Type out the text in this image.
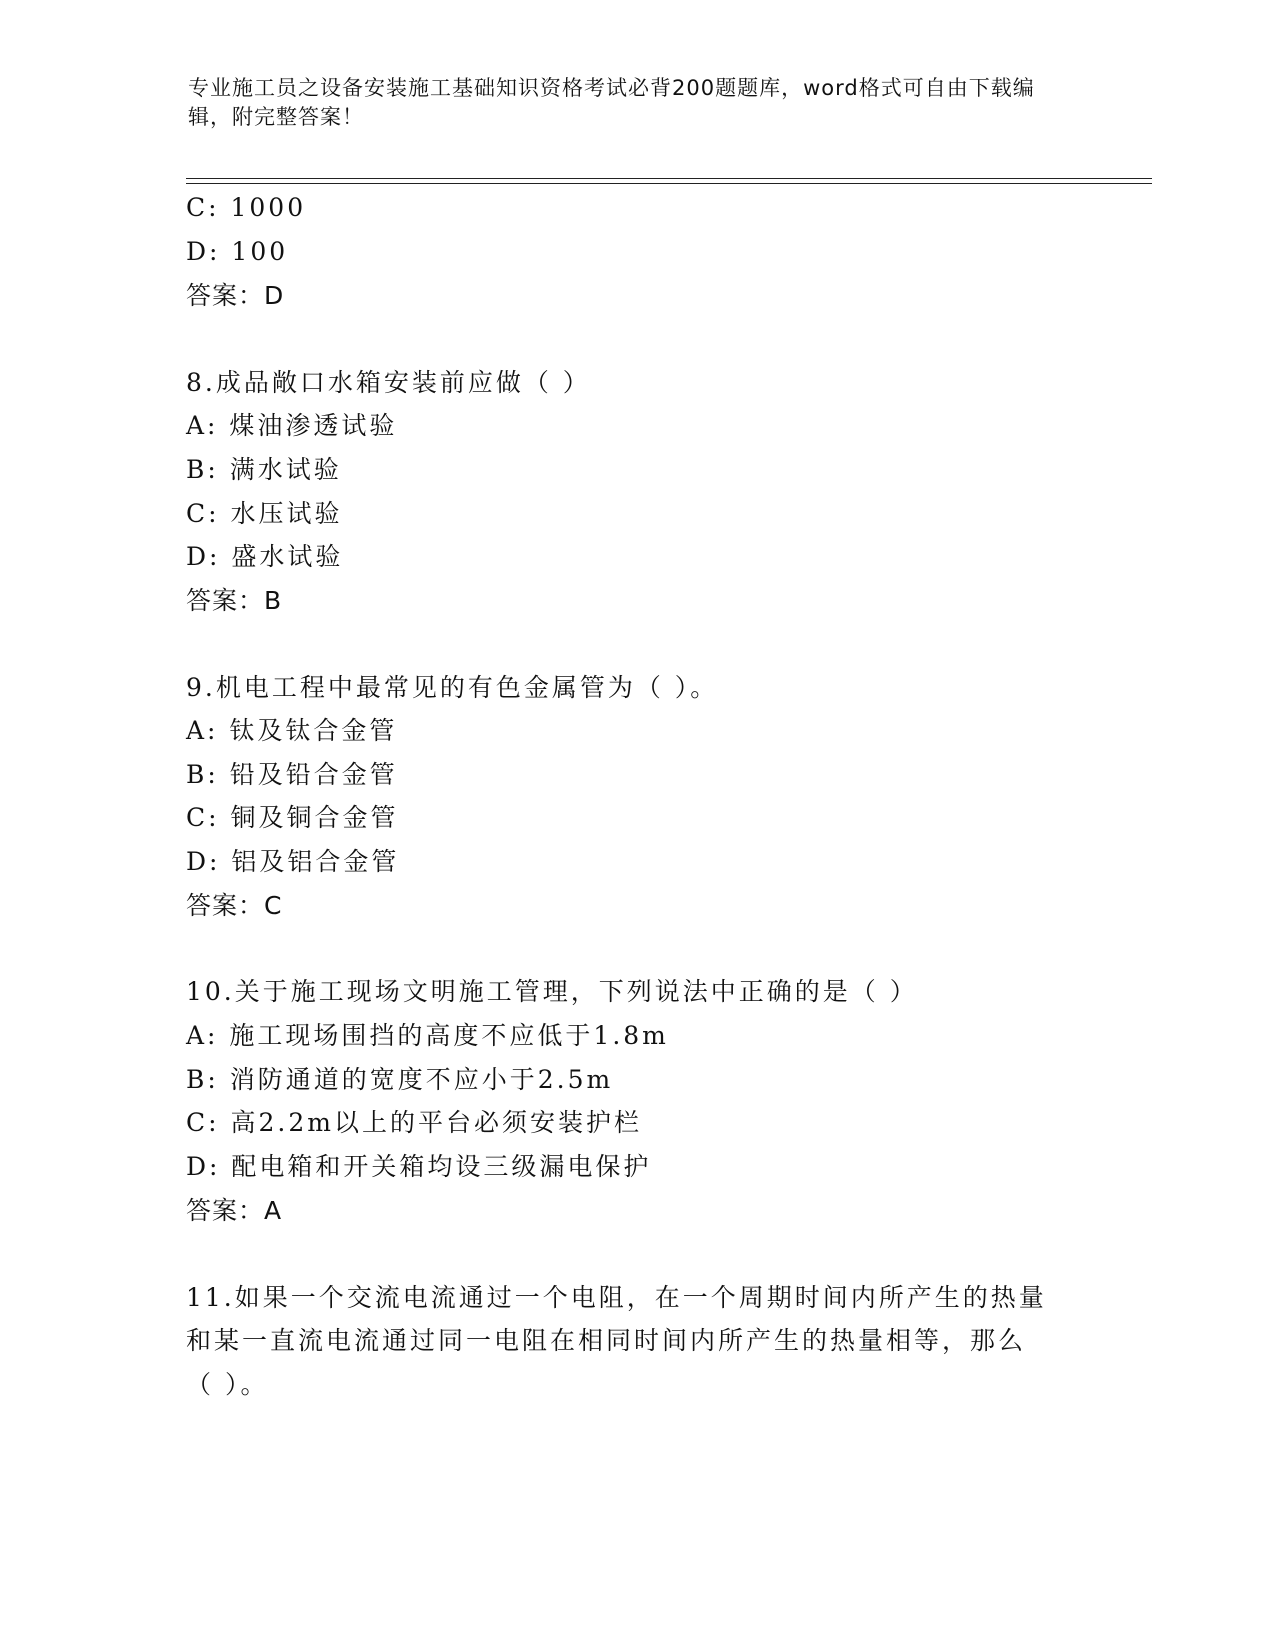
专业施工员之设备安装施工基础知识资格考试必背200题题库，word格式可自由下载编辑，附完整答案！
C: 1000
D: 100
答案：D
8.成品敞口水箱安装前应做（ ）
A: 煤油渗透试验
B: 满水试验
C: 水压试验
D: 盛水试验
答案：B
9.机电工程中最常见的有色金属管为（ ）。
A: 钛及钛合金管
B: 铅及铅合金管
C: 铜及铜合金管
D: 铝及铝合金管
答案：C
10.关于施工现场文明施工管理，下列说法中正确的是（ ）
A: 施工现场围挡的高度不应低于1.8m
B: 消防通道的宽度不应小于2.5m
C: 高2.2m以上的平台必须安装护栏
D: 配电箱和开关箱均设三级漏电保护
答案：A
11.如果一个交流电流通过一个电阻，在一个周期时间内所产生的热量
和某一直流电流通过同一电阻在相同时间内所产生的热量相等，那么
（ ）。
